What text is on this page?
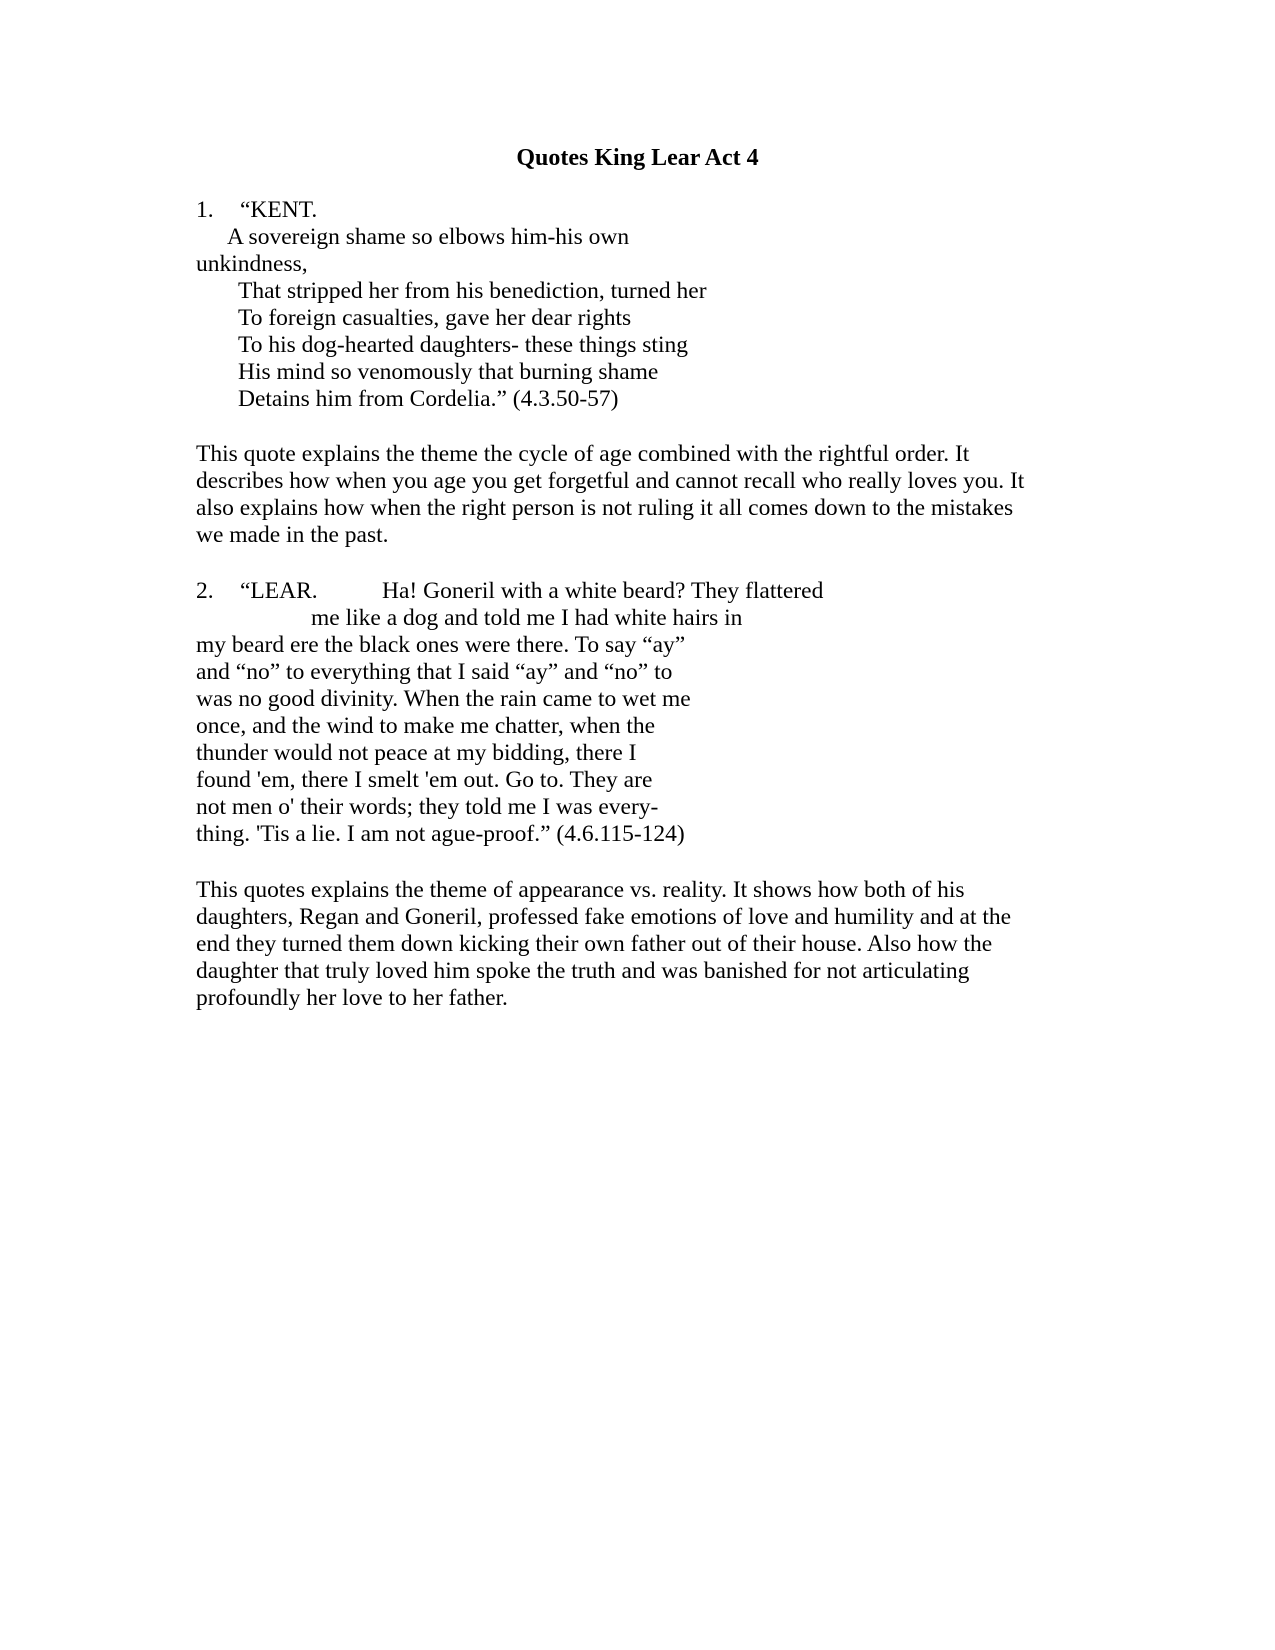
Quotes King Lear Act 4
1. “KENT.
A sovereign shame so elbows him-his own
unkindness,
That stripped her from his benediction, turned her
To foreign casualties, gave her dear rights
To his dog-hearted daughters- these things sting
His mind so venomously that burning shame
Detains him from Cordelia.” (4.3.50-57)
This quote explains the theme the cycle of age combined with the rightful order. It
describes how when you age you get forgetful and cannot recall who really loves you. It
also explains how when the right person is not ruling it all comes down to the mistakes
we made in the past.
2. “LEAR.	Ha! Goneril with a white beard? They flattered
me like a dog and told me I had white hairs in
my beard ere the black ones were there. To say “ay”
and “no” to everything that I said “ay” and “no” to
was no good divinity. When the rain came to wet me
once, and the wind to make me chatter, when the
thunder would not peace at my bidding, there I
found 'em, there I smelt 'em out. Go to. They are
not men o' their words; they told me I was every-
thing. 'Tis a lie. I am not ague-proof.” (4.6.115-124)
This quotes explains the theme of appearance vs. reality. It shows how both of his
daughters, Regan and Goneril, professed fake emotions of love and humility and at the
end they turned them down kicking their own father out of their house. Also how the
daughter that truly loved him spoke the truth and was banished for not articulating
profoundly her love to her father.
